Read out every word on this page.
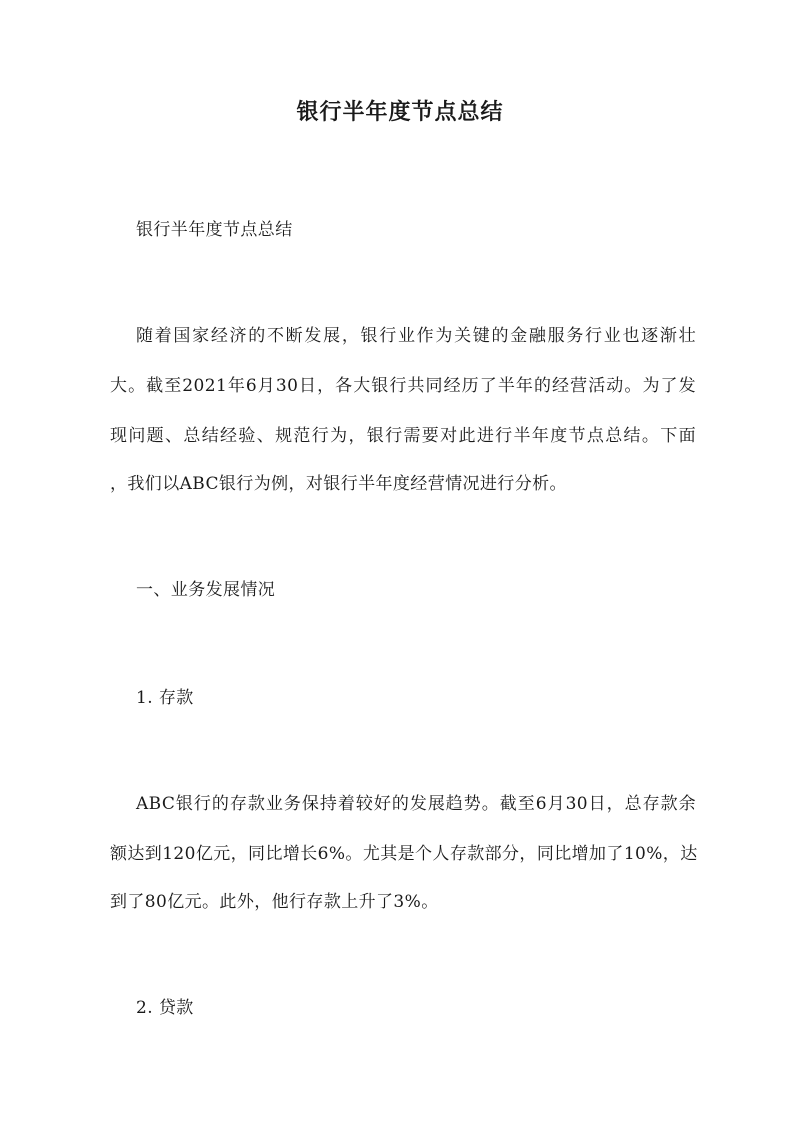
银行半年度节点总结
银行半年度节点总结
随着国家经济的不断发展，银行业作为关键的金融服务行业也逐渐壮
大。截至2021年6月30日，各大银行共同经历了半年的经营活动。为了发
现问题、总结经验、规范行为，银行需要对此进行半年度节点总结。下面
，我们以ABC银行为例，对银行半年度经营情况进行分析。
一、业务发展情况
1. 存款
ABC银行的存款业务保持着较好的发展趋势。截至6月30日，总存款余
额达到120亿元，同比增长6%。尤其是个人存款部分，同比增加了10%，达
到了80亿元。此外，他行存款上升了3%。
2. 贷款
